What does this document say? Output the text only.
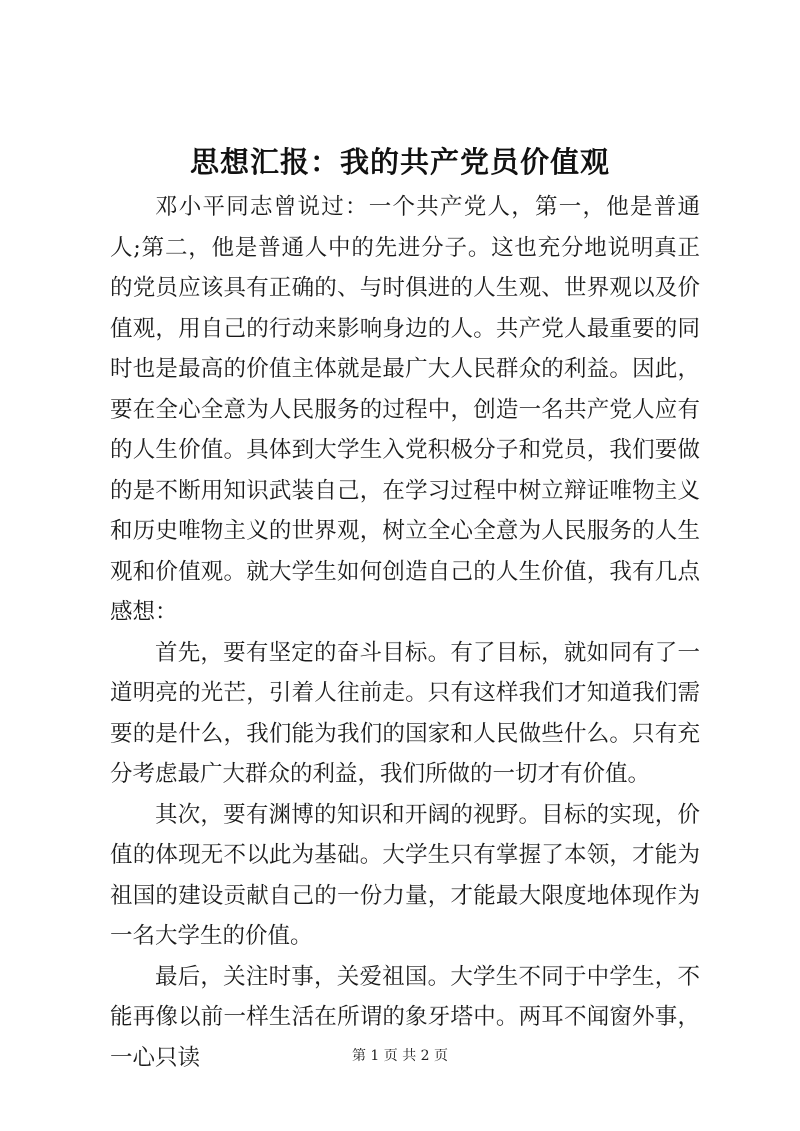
思想汇报：我的共产党员价值观

邓小平同志曾说过：一个共产党人，第一，他是普通人;第二，他是普通人中的先进分子。这也充分地说明真正的党员应该具有正确的、与时俱进的人生观、世界观以及价值观，用自己的行动来影响身边的人。共产党人最重要的同时也是最高的价值主体就是最广大人民群众的利益。因此，要在全心全意为人民服务的过程中，创造一名共产党人应有的人生价值。具体到大学生入党积极分子和党员，我们要做的是不断用知识武装自己，在学习过程中树立辩证唯物主义和历史唯物主义的世界观，树立全心全意为人民服务的人生观和价值观。就大学生如何创造自己的人生价值，我有几点感想：

首先，要有坚定的奋斗目标。有了目标，就如同有了一道明亮的光芒，引着人往前走。只有这样我们才知道我们需要的是什么，我们能为我们的国家和人民做些什么。只有充分考虑最广大群众的利益，我们所做的一切才有价值。

其次，要有渊博的知识和开阔的视野。目标的实现，价值的体现无不以此为基础。大学生只有掌握了本领，才能为祖国的建设贡献自己的一份力量，才能最大限度地体现作为一名大学生的价值。

最后，关注时事，关爱祖国。大学生不同于中学生，不能再像以前一样生活在所谓的象牙塔中。两耳不闻窗外事，一心只读	第 1 页 共 2 页
